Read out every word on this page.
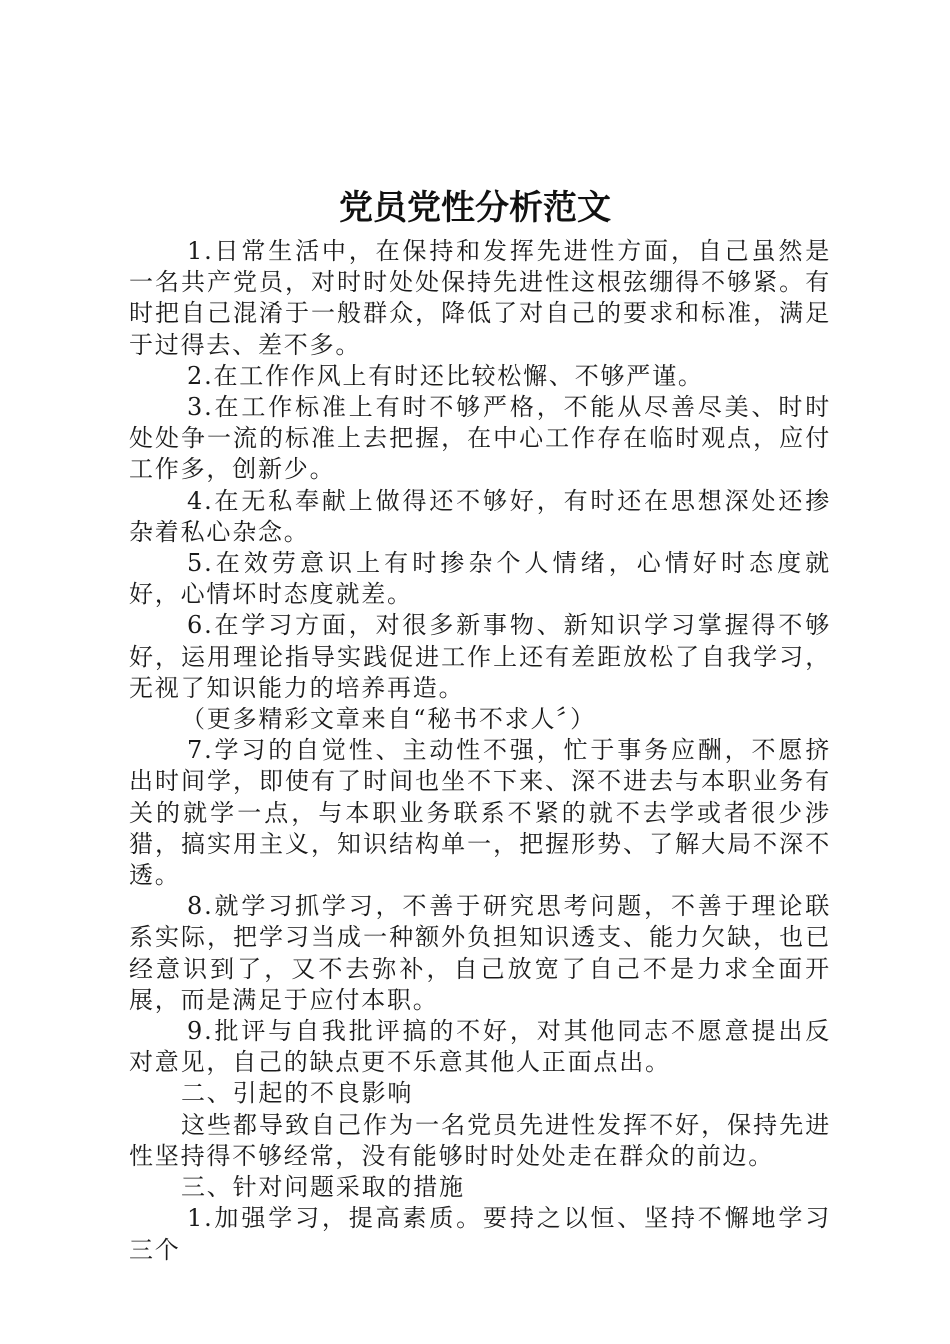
党员党性分析范文

1.日常生活中，在保持和发挥先进性方面，自己虽然是一名共产党员，对时时处处保持先进性这根弦绷得不够紧。有时把自己混淆于一般群众，降低了对自己的要求和标准，满足于过得去、差不多。

2.在工作作风上有时还比较松懈、不够严谨。

3.在工作标准上有时不够严格，不能从尽善尽美、时时处处争一流的标准上去把握，在中心工作存在临时观点，应付工作多，创新少。

4.在无私奉献上做得还不够好，有时还在思想深处还掺杂着私心杂念。

5.在效劳意识上有时掺杂个人情绪，心情好时态度就好，心情坏时态度就差。

6.在学习方面，对很多新事物、新知识学习掌握得不够好，运用理论指导实践促进工作上还有差距放松了自我学习，无视了知识能力的培养再造。

（更多精彩文章来自“秘书不求人〞）

7.学习的自觉性、主动性不强，忙于事务应酬，不愿挤出时间学，即使有了时间也坐不下来、深不进去与本职业务有关的就学一点，与本职业务联系不紧的就不去学或者很少涉猎，搞实用主义，知识结构单一，把握形势、了解大局不深不透。

8.就学习抓学习，不善于研究思考问题，不善于理论联系实际，把学习当成一种额外负担知识透支、能力欠缺，也已经意识到了，又不去弥补，自己放宽了自己不是力求全面开展，而是满足于应付本职。

9.批评与自我批评搞的不好，对其他同志不愿意提出反对意见，自己的缺点更不乐意其他人正面点出。

二、引起的不良影响

这些都导致自己作为一名党员先进性发挥不好，保持先进性坚持得不够经常，没有能够时时处处走在群众的前边。

三、针对问题采取的措施

1.加强学习，提高素质。要持之以恒、坚持不懈地学习三个
